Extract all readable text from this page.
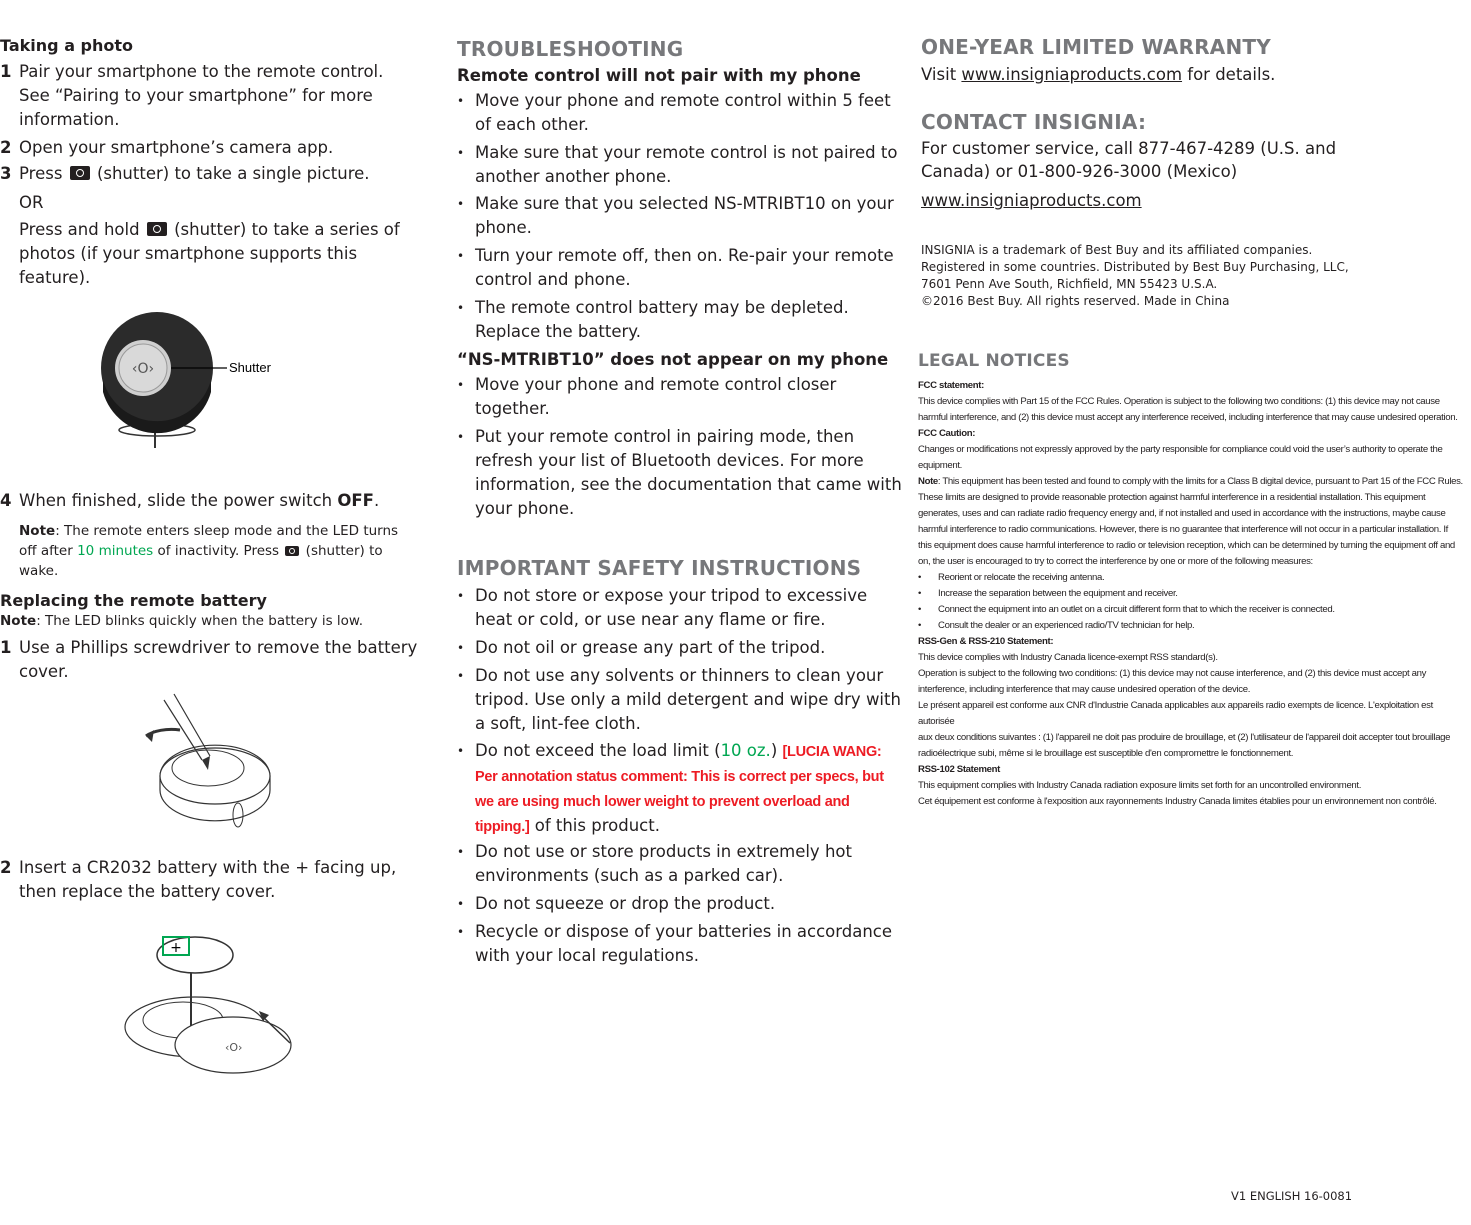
Taking a photo
1 Pair your smartphone to the remote control. See “Pairing to your smartphone” for more information.
2 Open your smartphone’s camera app.
3 Press (shutter) to take a single picture.
OR
Press and hold (shutter) to take a series of photos (if your smartphone supports this feature).
‹O›	Shutter
4 When finished, slide the power switch OFF.
Note: The remote enters sleep mode and the LED turns off after 10 minutes of inactivity. Press (shutter) to wake.
Replacing the remote battery
Note: The LED blinks quickly when the battery is low.
1 Use a Phillips screwdriver to remove the battery cover.
2 Insert a CR2032 battery with the + facing up, then replace the battery cover.
+
‹O›
TROUBLESHOOTING
Remote control will not pair with my phone
• Move your phone and remote control within 5 feet of each other.
• Make sure that your remote control is not paired to another another phone.
• Make sure that you selected NS-MTRIBT10 on your phone.
• Turn your remote off, then on. Re-pair your remote control and phone.
• The remote control battery may be depleted. Replace the battery.
“NS-MTRIBT10” does not appear on my phone
• Move your phone and remote control closer together.
• Put your remote control in pairing mode, then refresh your list of Bluetooth devices. For more information, see the documentation that came with your phone.
IMPORTANT SAFETY INSTRUCTIONS
• Do not store or expose your tripod to excessive heat or cold, or use near any flame or fire.
• Do not oil or grease any part of the tripod.
• Do not use any solvents or thinners to clean your tripod. Use only a mild detergent and wipe dry with a soft, lint-fee cloth.
• Do not exceed the load limit (10 oz.) [LUCIA WANG: Per annotation status comment: This is correct per specs, but we are using much lower weight to prevent overload and tipping.] of this product.
• Do not use or store products in extremely hot environments (such as a parked car).
• Do not squeeze or drop the product.
• Recycle or dispose of your batteries in accordance with your local regulations.
ONE-YEAR LIMITED WARRANTY
Visit www.insigniaproducts.com for details.
CONTACT INSIGNIA:
For customer service, call 877-467-4289 (U.S. and
Canada) or 01-800-926-3000 (Mexico)
www.insigniaproducts.com
INSIGNIA is a trademark of Best Buy and its affiliated companies.
Registered in some countries. Distributed by Best Buy Purchasing, LLC,
7601 Penn Ave South, Richfield, MN 55423 U.S.A.
©2016 Best Buy. All rights reserved. Made in China
LEGAL NOTICES
FCC statement:
This device complies with Part 15 of the FCC Rules. Operation is subject to the following two conditions: (1) this device may not cause
harmful interference, and (2) this device must accept any interference received, including interference that may cause undesired operation.
FCC Caution:
Changes or modifications not expressly approved by the party responsible for compliance could void the user’s authority to operate the equipment.
Note: This equipment has been tested and found to comply with the limits for a Class B digital device, pursuant to Part 15 of the FCC Rules.
These limits are designed to provide reasonable protection against harmful interference in a residential installation. This equipment
generates, uses and can radiate radio frequency energy and, if not installed and used in accordance with the instructions, maybe cause
harmful interference to radio communications. However, there is no guarantee that interference will not occur in a particular installation. If
this equipment does cause harmful interference to radio or television reception, which can be determined by turning the equipment off and
on, the user is encouraged to try to correct the interference by one or more of the following measures:
• Reorient or relocate the receiving antenna.
• Increase the separation between the equipment and receiver.
• Connect the equipment into an outlet on a circuit different form that to which the receiver is connected.
• Consult the dealer or an experienced radio/TV technician for help.
RSS-Gen & RSS-210 Statement:
This device complies with Industry Canada licence-exempt RSS standard(s).
Operation is subject to the following two conditions: (1) this device may not cause interference, and (2) this device must accept any
interference, including interference that may cause undesired operation of the device.
Le présent appareil est conforme aux CNR d'Industrie Canada applicables aux appareils radio exempts de licence. L'exploitation est autorisée
aux deux conditions suivantes : (1) l'appareil ne doit pas produire de brouillage, et (2) l'utilisateur de l'appareil doit accepter tout brouillage
radioélectrique subi, même si le brouillage est susceptible d'en compromettre le fonctionnement.
RSS-102 Statement
This equipment complies with Industry Canada radiation exposure limits set forth for an uncontrolled environment.
Cet équipement est conforme à l'exposition aux rayonnements Industry Canada limites établies pour un environnement non contrôlé.
V1 ENGLISH 16-0081
